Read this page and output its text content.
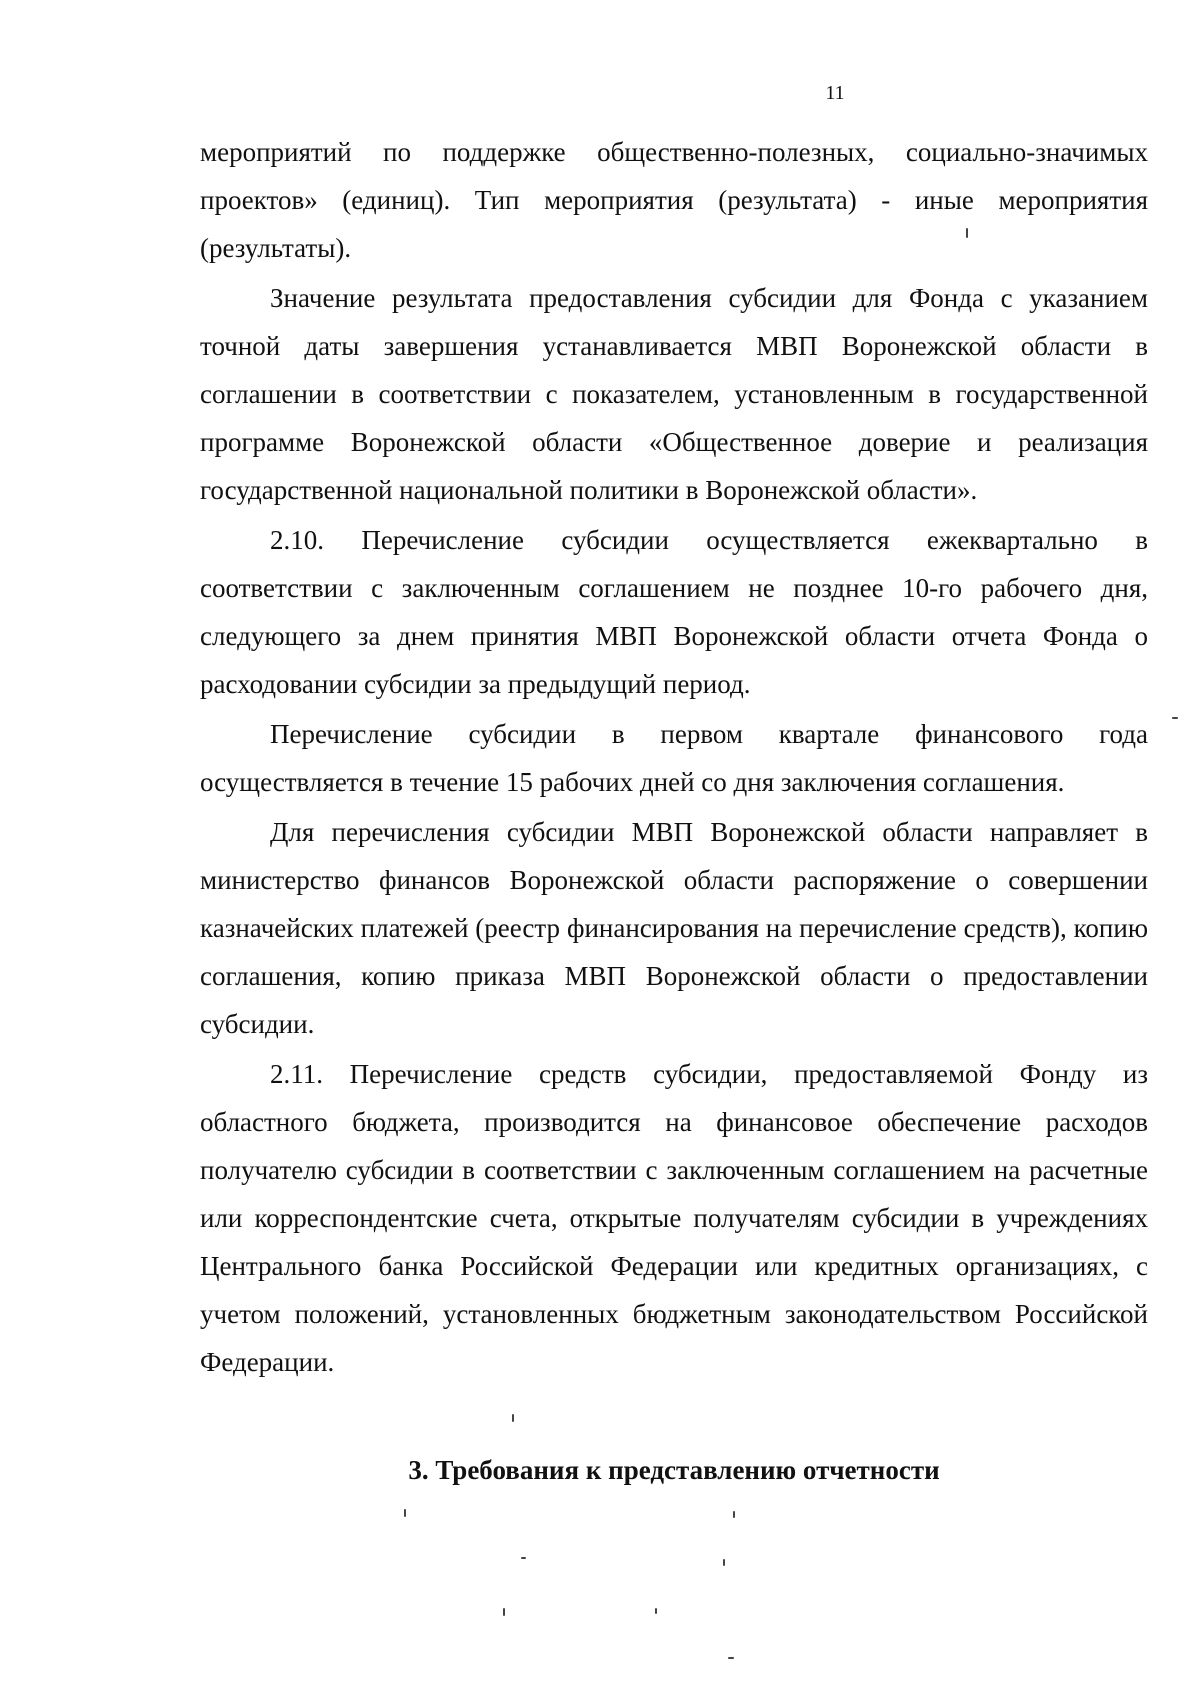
11

мероприятий по поддержке общественно-полезных, социально-значимых проектов» (единиц). Тип мероприятия (результата) - иные мероприятия (результаты).

Значение результата предоставления субсидии для Фонда с указанием точной даты завершения устанавливается МВП Воронежской области в соглашении в соответствии с показателем, установленным в государственной программе Воронежской области «Общественное доверие и реализация государственной национальной политики в Воронежской области».

2.10. Перечисление субсидии осуществляется ежеквартально в соответствии с заключенным соглашением не позднее 10-го рабочего дня, следующего за днем принятия МВП Воронежской области отчета Фонда о расходовании субсидии за предыдущий период.

Перечисление субсидии в первом квартале финансового года осуществляется в течение 15 рабочих дней со дня заключения соглашения.

Для перечисления субсидии МВП Воронежской области направляет в министерство финансов Воронежской области распоряжение о совершении казначейских платежей (реестр финансирования на перечисление средств), копию соглашения, копию приказа МВП Воронежской области о предоставлении субсидии.

2.11. Перечисление средств субсидии, предоставляемой Фонду из областного бюджета, производится на финансовое обеспечение расходов получателю субсидии в соответствии с заключенным соглашением на расчетные или корреспондентские счета, открытые получателям субсидии в учреждениях Центрального банка Российской Федерации или кредитных организациях, с учетом положений, установленных бюджетным законодательством Российской Федерации.

3. Требования к представлению отчетности
